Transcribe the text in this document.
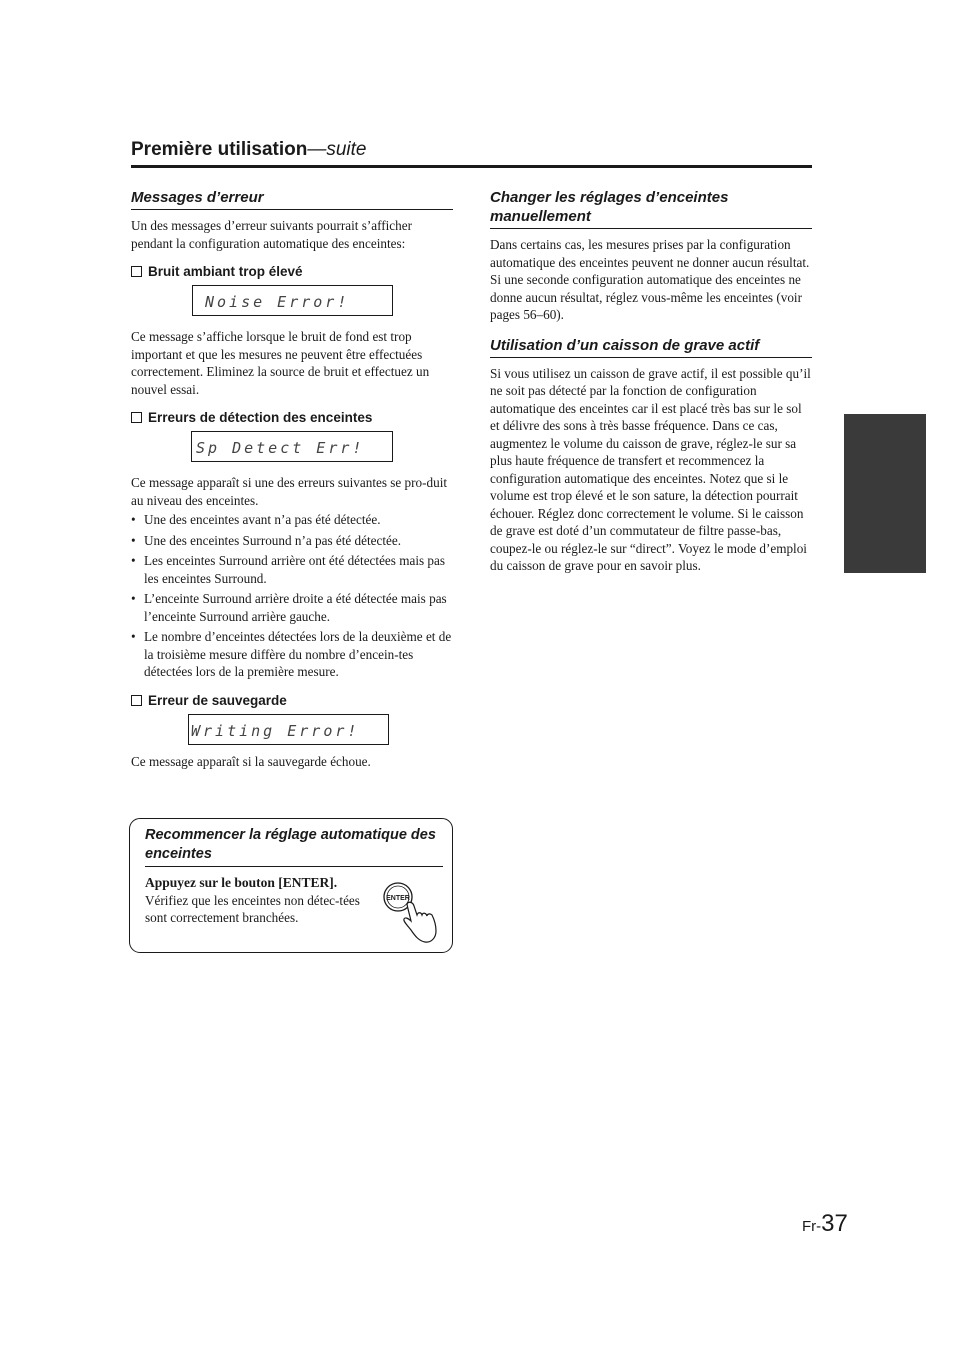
Première utilisation—suite
Messages d’erreur

Un des messages d’erreur suivants pourrait s’afficher pendant la configuration automatique des enceintes:

Bruit ambiant trop élevé
Noise Error!

Ce message s’affiche lorsque le bruit de fond est trop important et que les mesures ne peuvent être effectuées correctement. Eliminez la source de bruit et effectuez un nouvel essai.

Erreurs de détection des enceintes
Sp Detect Err!

Ce message apparaît si une des erreurs suivantes se pro-duit au niveau des enceintes.

• Une des enceintes avant n’a pas été détectée.
• Une des enceintes Surround n’a pas été détectée.
• Les enceintes Surround arrière ont été détectées mais pas les enceintes Surround.
• L’enceinte Surround arrière droite a été détectée mais pas l’enceinte Surround arrière gauche.
• Le nombre d’enceintes détectées lors de la deuxième et de la troisième mesure diffère du nombre d’encein-tes détectées lors de la première mesure.
Erreur de sauvegarde
Writing Error!

Ce message apparaît si la sauvegarde échoue.

Recommencer la réglage automatique des enceintes
Appuyez sur le bouton [ENTER].

Vérifiez que les enceintes non détec-tées sont correctement branchées.

ENTER
Changer les réglages d’enceintes manuellement

Dans certains cas, les mesures prises par la configuration automatique des enceintes peuvent ne donner aucun résultat. Si une seconde configuration automatique des enceintes ne donne aucun résultat, réglez vous-même les enceintes (voir pages 56–60).

Utilisation d’un caisson de grave actif

Si vous utilisez un caisson de grave actif, il est possible qu’il ne soit pas détecté par la fonction de configuration automatique des enceintes car il est placé très bas sur le sol et délivre des sons à très basse fréquence. Dans ce cas, augmentez le volume du caisson de grave, réglez-le sur sa plus haute fréquence de transfert et recommencez la configuration automatique des enceintes. Notez que si le volume est trop élevé et le son sature, la détection pourrait échouer. Réglez donc correctement le volume. Si le caisson de grave est doté d’un commutateur de filtre passe-bas, coupez-le ou réglez-le sur “direct”. Voyez le mode d’emploi du caisson de grave pour en savoir plus.

Fr-37
